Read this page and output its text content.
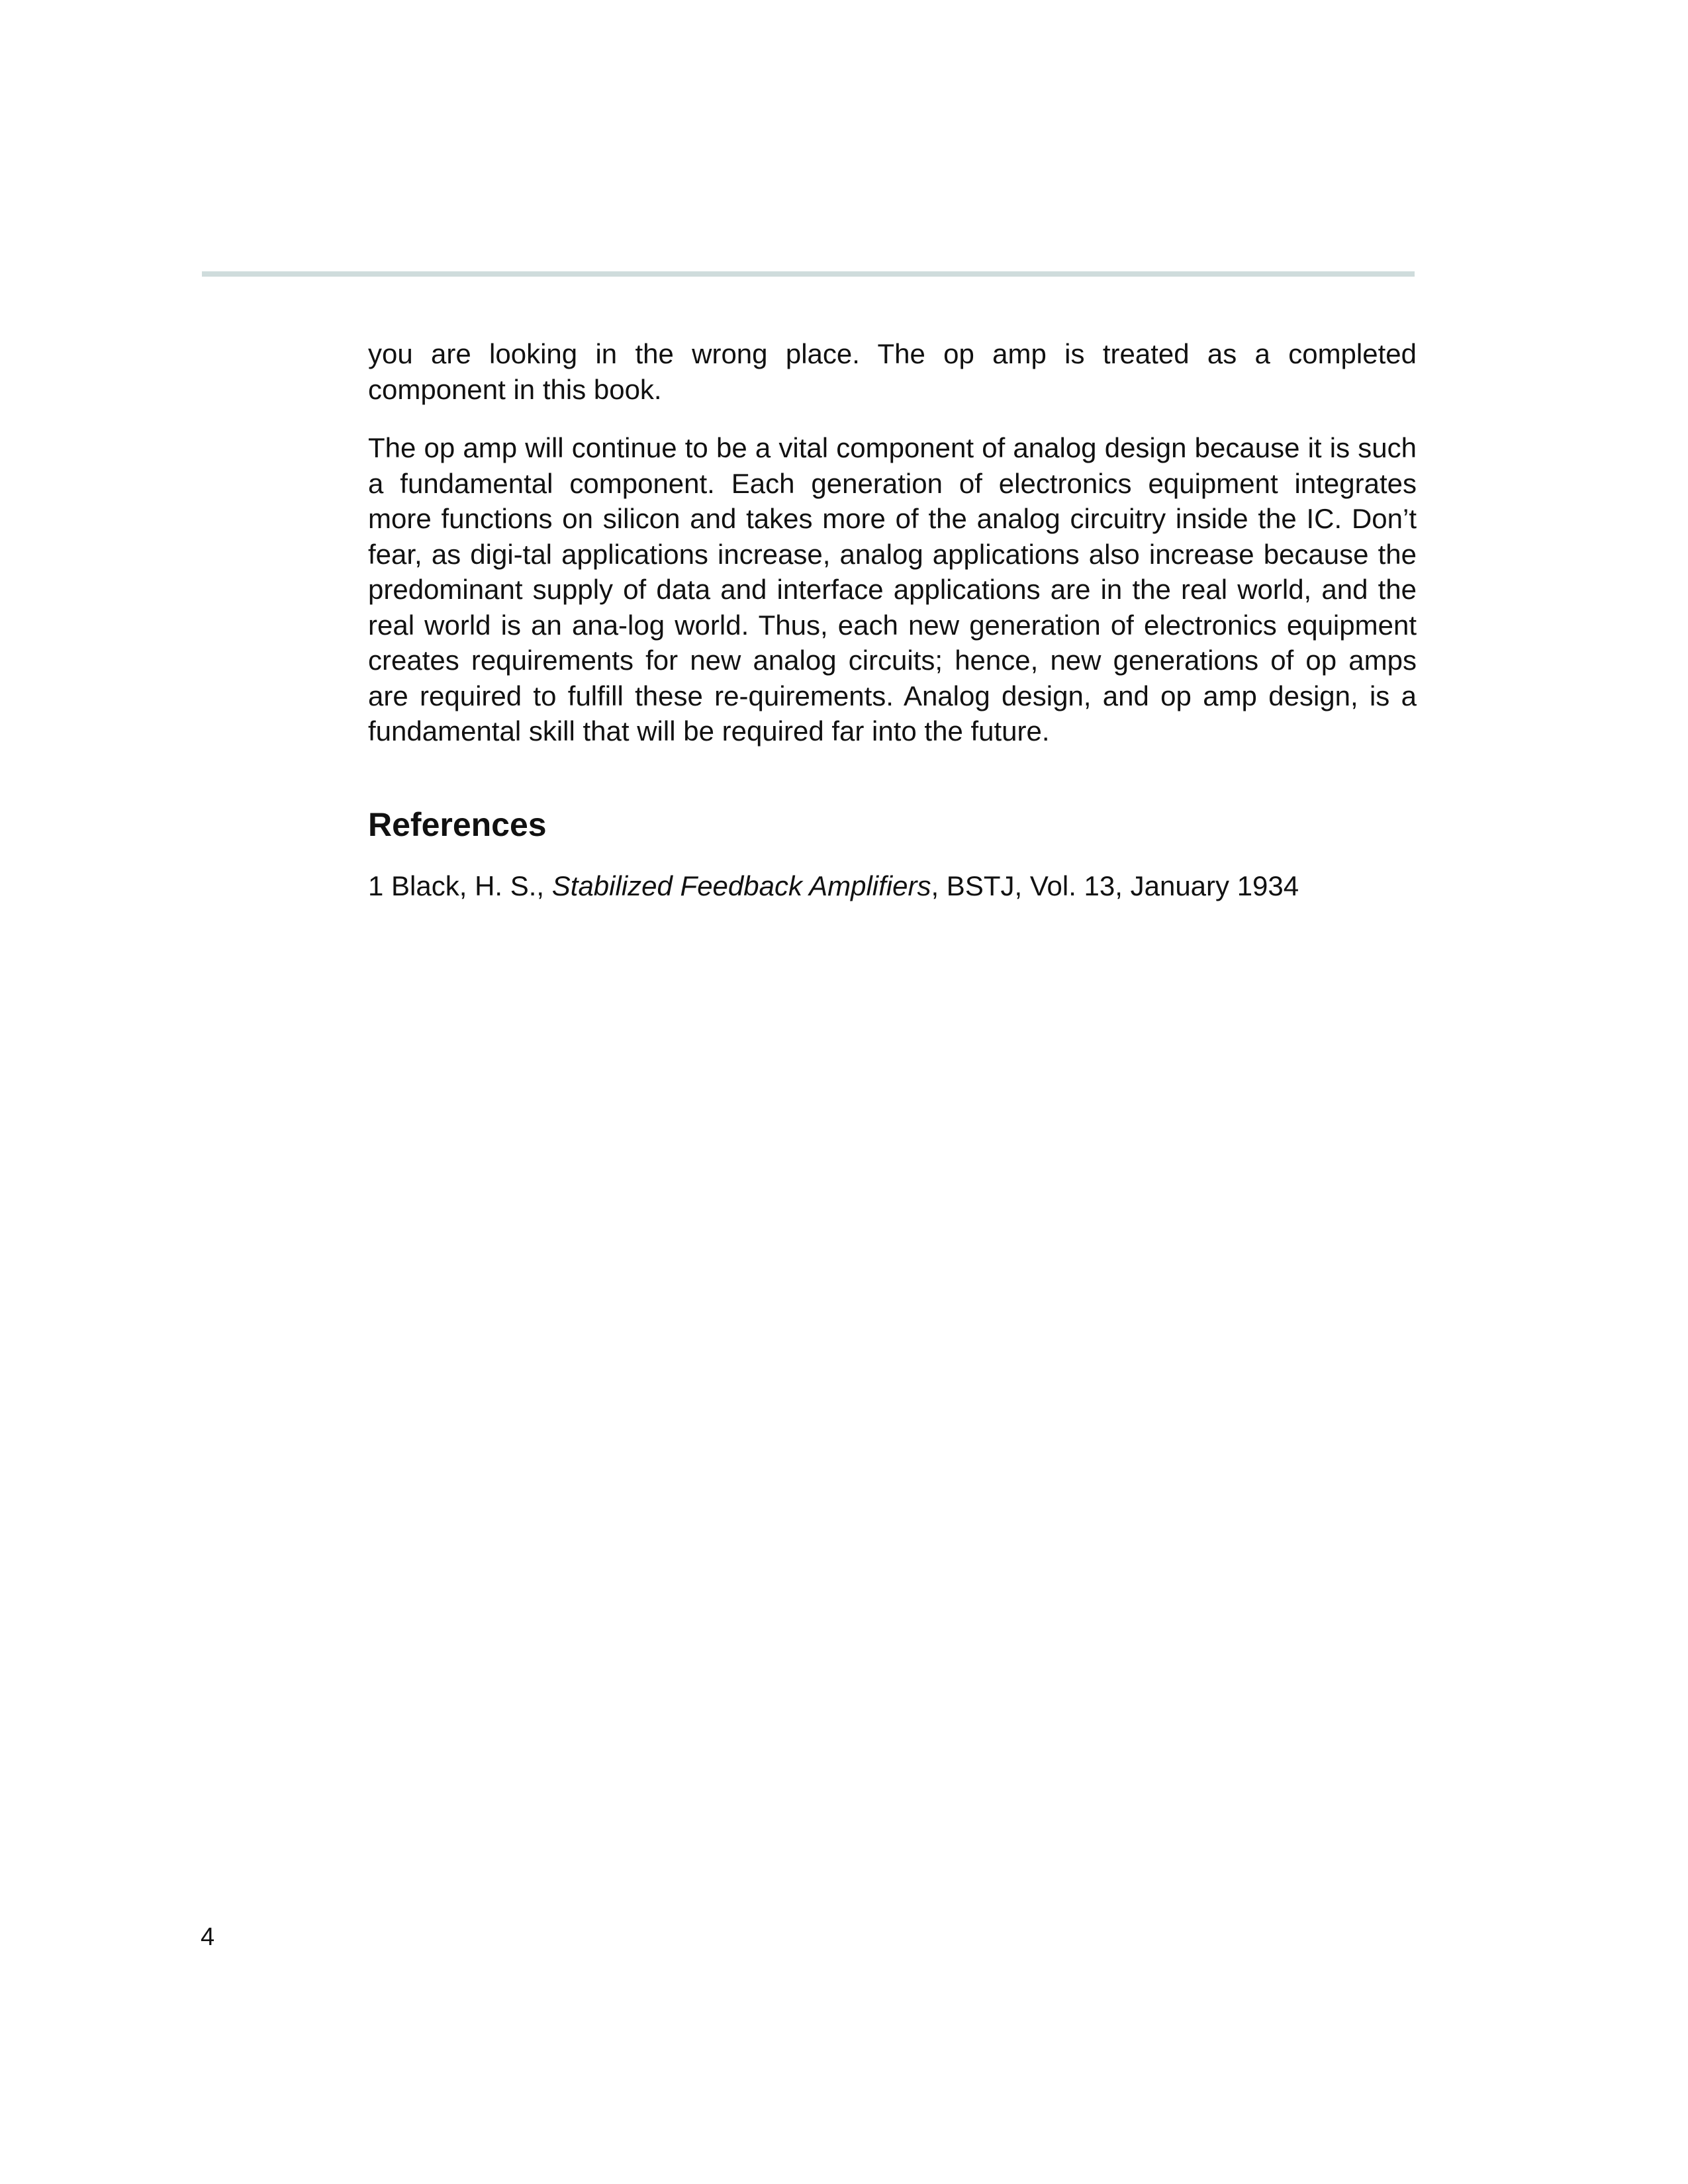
you are looking in the wrong place. The op amp is treated as a completed component in this book.

The op amp will continue to be a vital component of analog design because it is such a fundamental component. Each generation of electronics equipment integrates more functions on silicon and takes more of the analog circuitry inside the IC. Don’t fear, as digi-tal applications increase, analog applications also increase because the predominant supply of data and interface applications are in the real world, and the real world is an ana-log world. Thus, each new generation of electronics equipment creates requirements for new analog circuits; hence, new generations of op amps are required to fulfill these re-quirements. Analog design, and op amp design, is a fundamental skill that will be required far into the future.

References

1 Black, H. S., Stabilized Feedback Amplifiers, BSTJ, Vol. 13, January 1934

4
